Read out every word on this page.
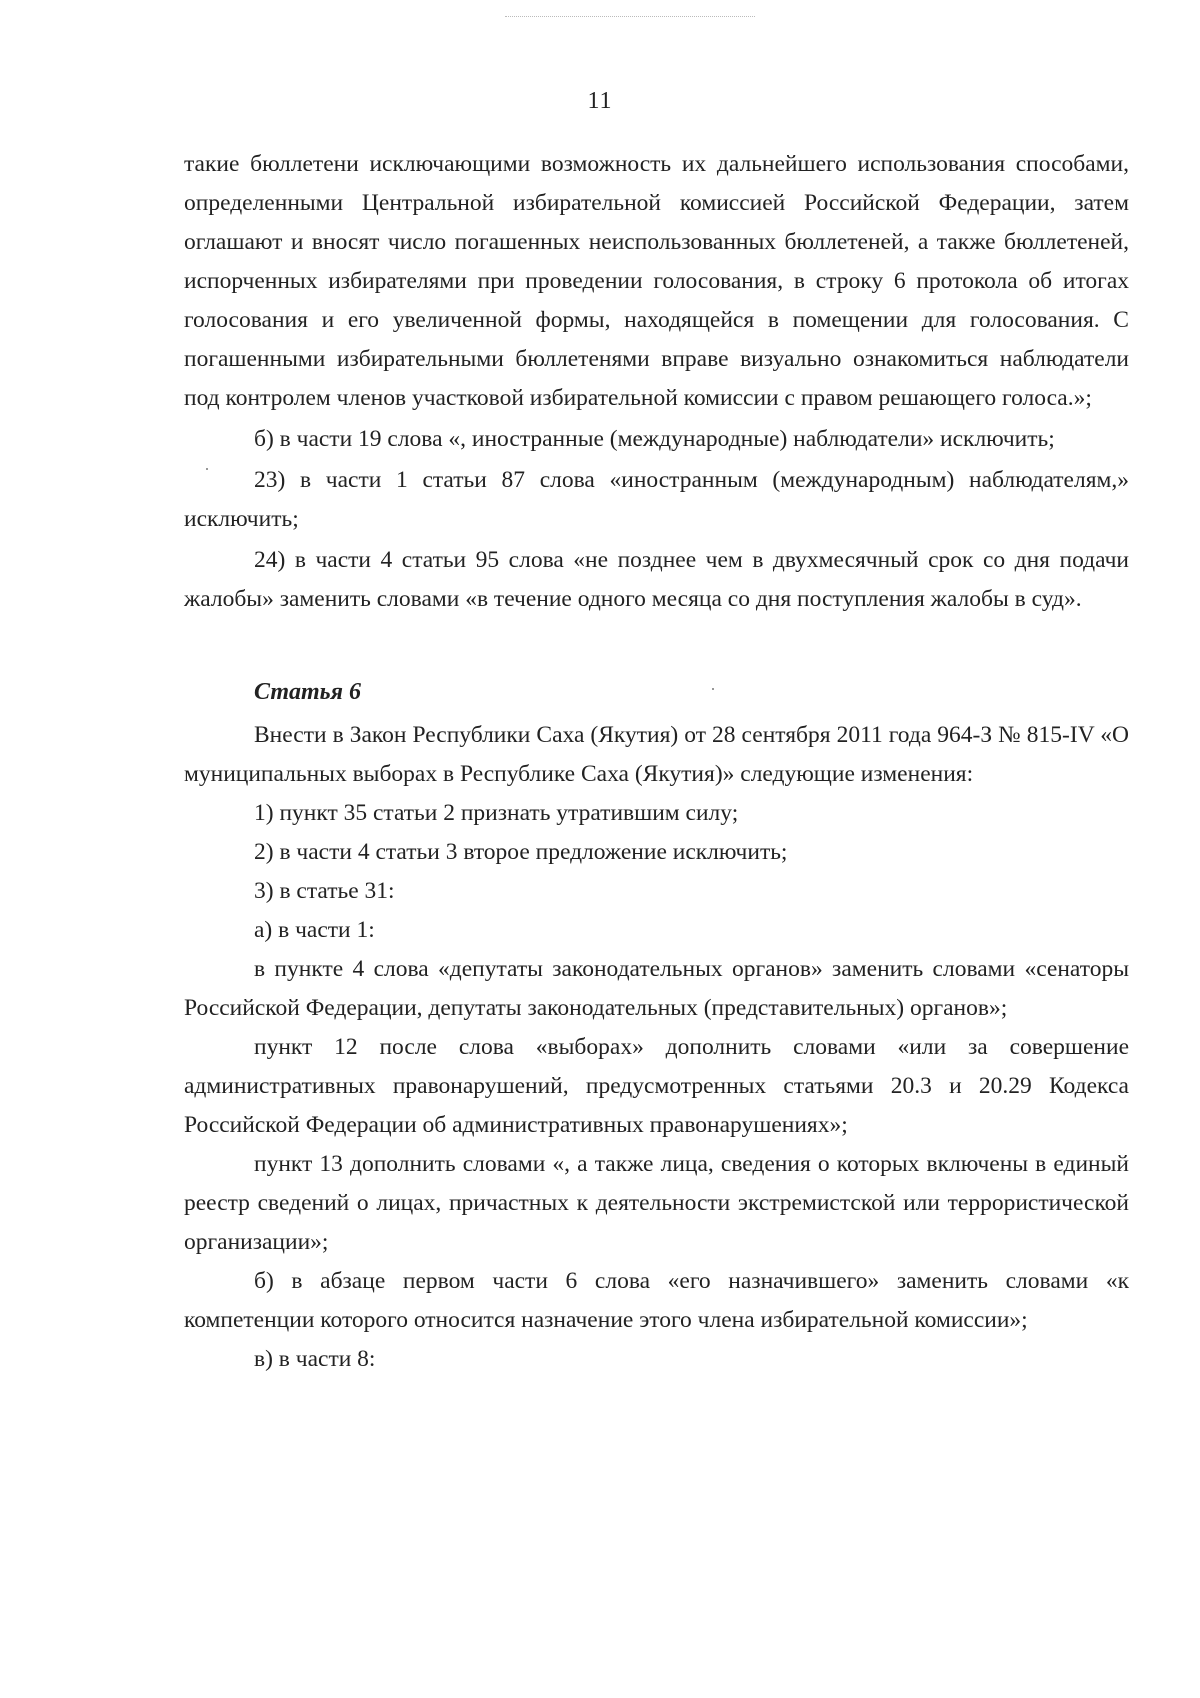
11

такие бюллетени исключающими возможность их дальнейшего использования способами, определенными Центральной избирательной комиссией Российской Федерации, затем оглашают и вносят число погашенных неиспользованных бюллетеней, а также бюллетеней, испорченных избирателями при проведении голосования, в строку 6 протокола об итогах голосования и его увеличенной формы, находящейся в помещении для голосования. С погашенными избирательными бюллетенями вправе визуально ознакомиться наблюдатели под контролем членов участковой избирательной комиссии с правом решающего голоса.»;

б) в части 19 слова «, иностранные (международные) наблюдатели» исключить;

23) в части 1 статьи 87 слова «иностранным (международным) наблюдателям,» исключить;

24) в части 4 статьи 95 слова «не позднее чем в двухмесячный срок со дня подачи жалобы» заменить словами «в течение одного месяца со дня поступления жалобы в суд».

Статья 6

Внести в Закон Республики Саха (Якутия) от 28 сентября 2011 года 964-З № 815-IV «О муниципальных выборах в Республике Саха (Якутия)» следующие изменения:

1) пункт 35 статьи 2 признать утратившим силу;

2) в части 4 статьи 3 второе предложение исключить;

3) в статье 31:

а) в части 1:

в пункте 4 слова «депутаты законодательных органов» заменить словами «сенаторы Российской Федерации, депутаты законодательных (представительных) органов»;

пункт 12 после слова «выборах» дополнить словами «или за совершение административных правонарушений, предусмотренных статьями 20.3 и 20.29 Кодекса Российской Федерации об административных правонарушениях»;

пункт 13 дополнить словами «, а также лица, сведения о которых включены в единый реестр сведений о лицах, причастных к деятельности экстремистской или террористической организации»;

б) в абзаце первом части 6 слова «его назначившего» заменить словами «к компетенции которого относится назначение этого члена избирательной комиссии»;

в) в части 8:
